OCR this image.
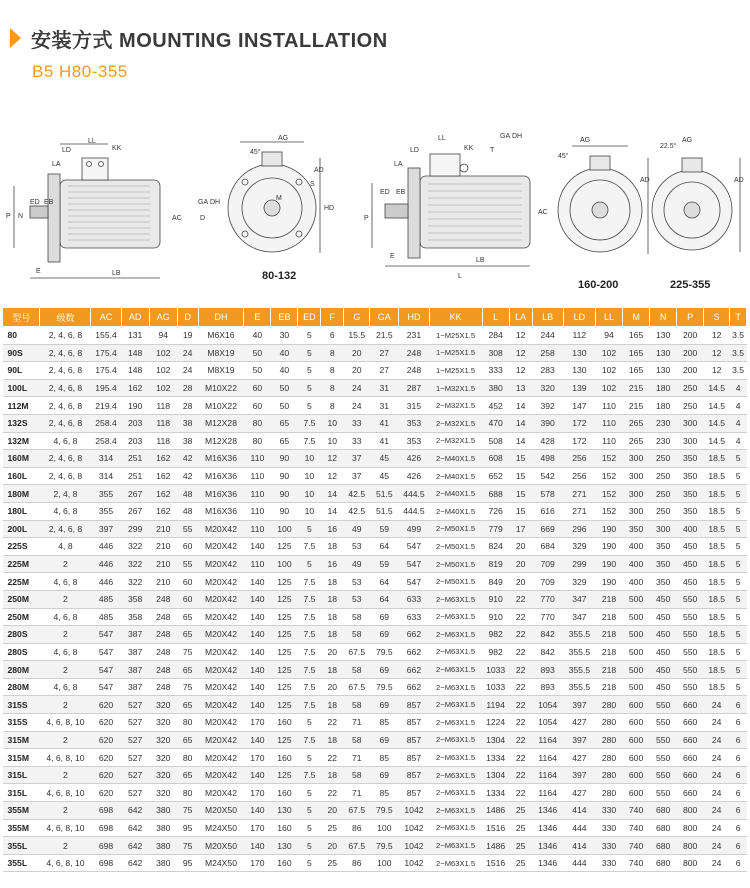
安装方式 MOUNTING INSTALLATION
B5 H80-355
LL
KK
LD
LA
ED EB
P N
E	LB
AC
GA DH
D
AG
45°
M
S
AD
HD
LL
KK
LD
LA
ED EB
P
E
LB
L
AC
GA DH
T
AG
45°
AD
22.5°
AG
AD
80-132
160-200	225-355
型号	级数	AC	AD	AG	D	DH	E	EB	ED	F	G	GA	HD	KK	L	LA	LB	LD	LL	M	N	P	S	T
80	2, 4, 6, 8	155.4	131	94	19	M6X16	40	30	5	6	15.5	21.5	231	1−M25X1.5	284	12	244	112	94	165	130	200	12	3.5
90S	2, 4, 6, 8	175.4	148	102	24	M8X19	50	40	5	8	20	27	248	1−M25X1.5	308	12	258	130	102	165	130	200	12	3.5
90L	2, 4, 6, 8	175.4	148	102	24	M8X19	50	40	5	8	20	27	248	1−M25X1.5	333	12	283	130	102	165	130	200	12	3.5
100L	2, 4, 6, 8	195.4	162	102	28	M10X22	60	50	5	8	24	31	287	1−M32X1.5	380	13	320	139	102	215	180	250	14.5	4
112M	2, 4, 6, 8	219.4	190	118	28	M10X22	60	50	5	8	24	31	315	2−M32X1.5	452	14	392	147	110	215	180	250	14.5	4
132S	2, 4, 6, 8	258.4	203	118	38	M12X28	80	65	7.5	10	33	41	353	2−M32X1.5	470	14	390	172	110	265	230	300	14.5	4
132M	4, 6, 8	258.4	203	118	38	M12X28	80	65	7.5	10	33	41	353	2−M32X1.5	508	14	428	172	110	265	230	300	14.5	4
160M	2, 4, 6, 8	314	251	162	42	M16X36	110	90	10	12	37	45	426	2−M40X1.5	608	15	498	256	152	300	250	350	18.5	5
160L	2, 4, 6, 8	314	251	162	42	M16X36	110	90	10	12	37	45	426	2−M40X1.5	652	15	542	256	152	300	250	350	18.5	5
180M	2, 4, 8	355	267	162	48	M16X36	110	90	10	14	42.5	51.5	444.5	2−M40X1.5	688	15	578	271	152	300	250	350	18.5	5
180L	4, 6, 8	355	267	162	48	M16X36	110	90	10	14	42.5	51.5	444.5	2−M40X1.5	726	15	616	271	152	300	250	350	18.5	5
200L	2, 4, 6, 8	397	299	210	55	M20X42	110	100	5	16	49	59	499	2−M50X1.5	779	17	669	296	190	350	300	400	18.5	5
225S	4, 8	446	322	210	60	M20X42	140	125	7.5	18	53	64	547	2−M50X1.5	824	20	684	329	190	400	350	450	18.5	5
225M	2	446	322	210	55	M20X42	110	100	5	16	49	59	547	2−M50X1.5	819	20	709	299	190	400	350	450	18.5	5
225M	4, 6, 8	446	322	210	60	M20X42	140	125	7.5	18	53	64	547	2−M50X1.5	849	20	709	329	190	400	350	450	18.5	5
250M	2	485	358	248	60	M20X42	140	125	7.5	18	53	64	633	2−M63X1.5	910	22	770	347	218	500	450	550	18.5	5
250M	4, 6, 8	485	358	248	65	M20X42	140	125	7.5	18	58	69	633	2−M63X1.5	910	22	770	347	218	500	450	550	18.5	5
280S	2	547	387	248	65	M20X42	140	125	7.5	18	58	69	662	2−M63X1.5	982	22	842	355.5	218	500	450	550	18.5	5
280S	4, 6, 8	547	387	248	75	M20X42	140	125	7.5	20	67.5	79.5	662	2−M63X1.5	982	22	842	355.5	218	500	450	550	18.5	5
280M	2	547	387	248	65	M20X42	140	125	7.5	18	58	69	662	2−M63X1.5	1033	22	893	355.5	218	500	450	550	18.5	5
280M	4, 6, 8	547	387	248	75	M20X42	140	125	7.5	20	67.5	79.5	662	2−M63X1.5	1033	22	893	355.5	218	500	450	550	18.5	5
315S	2	620	527	320	65	M20X42	140	125	7.5	18	58	69	857	2−M63X1.5	1194	22	1054	397	280	600	550	660	24	6
315S	4, 6, 8, 10	620	527	320	80	M20X42	170	160	5	22	71	85	857	2−M63X1.5	1224	22	1054	427	280	600	550	660	24	6
315M	2	620	527	320	65	M20X42	140	125	7.5	18	58	69	857	2−M63X1.5	1304	22	1164	397	280	600	550	660	24	6
315M	4, 6, 8, 10	620	527	320	80	M20X42	170	160	5	22	71	85	857	2−M63X1.5	1334	22	1164	427	280	600	550	660	24	6
315L	2	620	527	320	65	M20X42	140	125	7.5	18	58	69	857	2−M63X1.5	1304	22	1164	397	280	600	550	660	24	6
315L	4, 6, 8, 10	620	527	320	80	M20X42	170	160	5	22	71	85	857	2−M63X1.5	1334	22	1164	427	280	600	550	660	24	6
355M	2	698	642	380	75	M20X50	140	130	5	20	67.5	79.5	1042	2−M63X1.5	1486	25	1346	414	330	740	680	800	24	6
355M	4, 6, 8, 10	698	642	380	95	M24X50	170	160	5	25	86	100	1042	2−M63X1.5	1516	25	1346	444	330	740	680	800	24	6
355L	2	698	642	380	75	M20X50	140	130	5	20	67.5	79.5	1042	2−M63X1.5	1486	25	1346	414	330	740	680	800	24	6
355L	4, 6, 8, 10	698	642	380	95	M24X50	170	160	5	25	86	100	1042	2−M63X1.5	1516	25	1346	444	330	740	680	800	24	6
